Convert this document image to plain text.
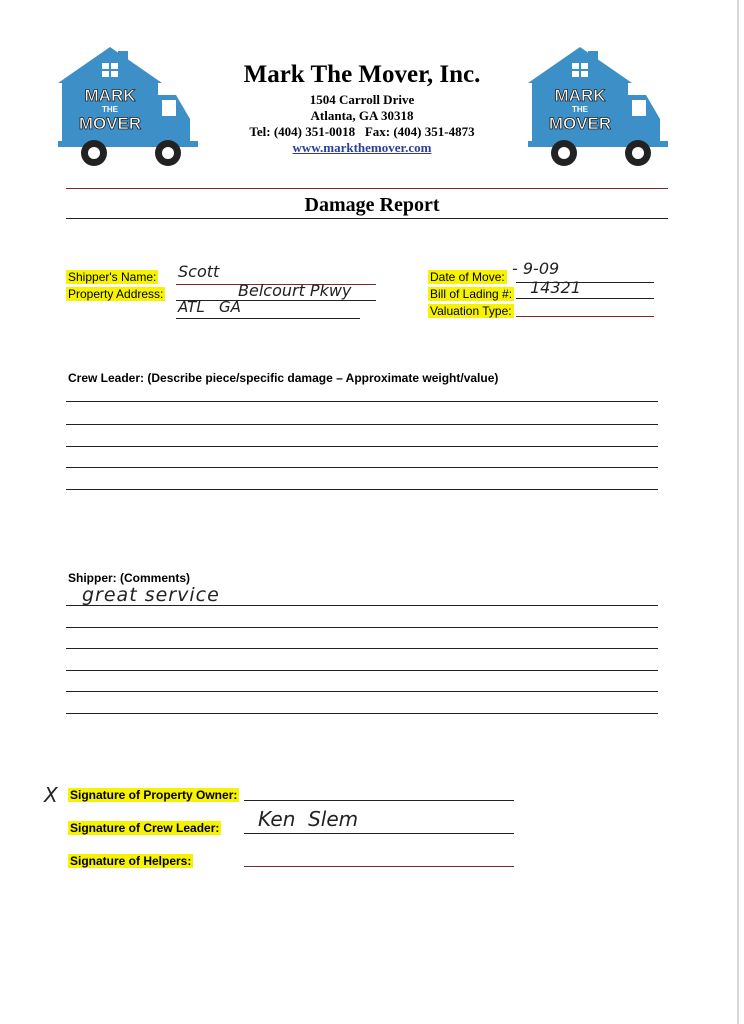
MARK
THE
MOVER
MARK
THE
MOVER
Mark The Mover, Inc.
1504 Carroll Drive
Atlanta, GA 30318
Tel: (404) 351-0018   Fax: (404) 351-4873
www.markthemover.com
Damage Report
Shipper's Name: Scott
Property Address:	Belcourt Pkwy
ATL   GA
Date of Move: - 9-09
Bill of Lading #: 14321
Valuation Type:
Crew Leader: (Describe piece/specific damage – Approximate weight/value)
Shipper: (Comments)
great service
X Signature of Property Owner:
Signature of Crew Leader: Ken  Slem
Signature of Helpers:
